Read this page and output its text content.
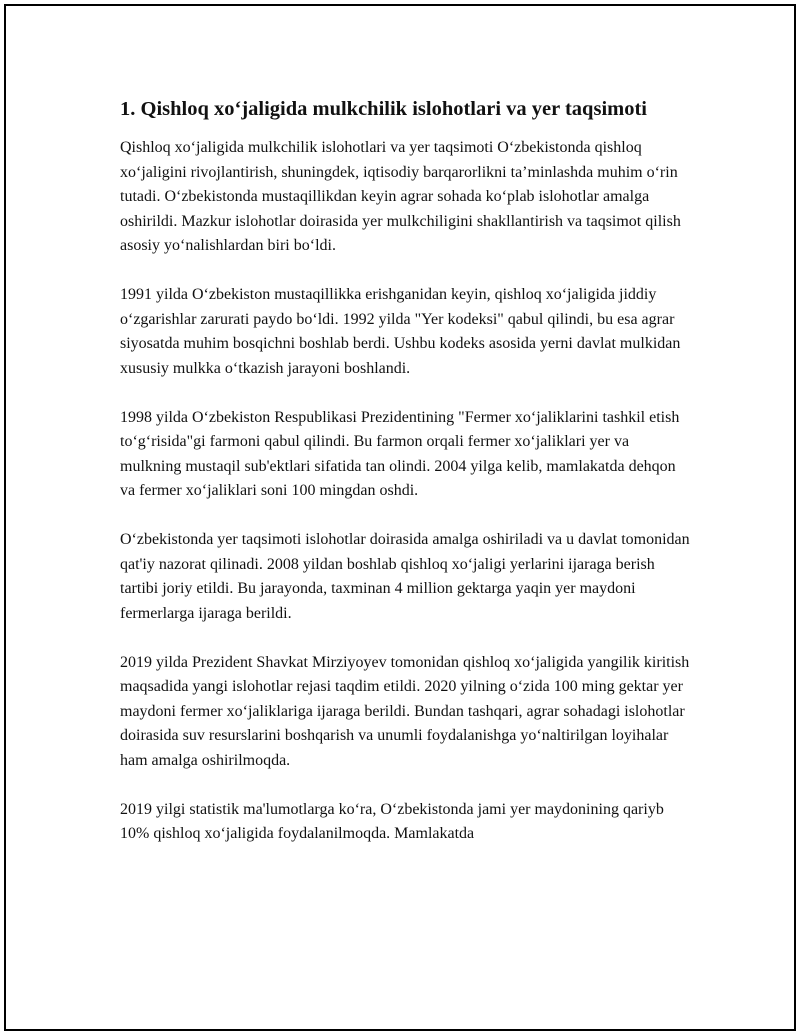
1. Qishloq xo‘jaligida mulkchilik islohotlari va yer taqsimoti

Qishloq xo‘jaligida mulkchilik islohotlari va yer taqsimoti O‘zbekistonda qishloq xo‘jaligini rivojlantirish, shuningdek, iqtisodiy barqarorlikni ta’minlashda muhim o‘rin tutadi. O‘zbekistonda mustaqillikdan keyin agrar sohada ko‘plab islohotlar amalga oshirildi. Mazkur islohotlar doirasida yer mulkchiligini shakllantirish va taqsimot qilish asosiy yo‘nalishlardan biri bo‘ldi.

1991 yilda O‘zbekiston mustaqillikka erishganidan keyin, qishloq xo‘jaligida jiddiy o‘zgarishlar zarurati paydo bo‘ldi. 1992 yilda "Yer kodeksi" qabul qilindi, bu esa agrar siyosatda muhim bosqichni boshlab berdi. Ushbu kodeks asosida yerni davlat mulkidan xususiy mulkka o‘tkazish jarayoni boshlandi.

1998 yilda O‘zbekiston Respublikasi Prezidentining "Fermer xo‘jaliklarini tashkil etish to‘g‘risida"gi farmoni qabul qilindi. Bu farmon orqali fermer xo‘jaliklari yer va mulkning mustaqil sub'ektlari sifatida tan olindi. 2004 yilga kelib, mamlakatda dehqon va fermer xo‘jaliklari soni 100 mingdan oshdi.

O‘zbekistonda yer taqsimoti islohotlar doirasida amalga oshiriladi va u davlat tomonidan qat'iy nazorat qilinadi. 2008 yildan boshlab qishloq xo‘jaligi yerlarini ijaraga berish tartibi joriy etildi. Bu jarayonda, taxminan 4 million gektarga yaqin yer maydoni fermerlarga ijaraga berildi.

2019 yilda Prezident Shavkat Mirziyoyev tomonidan qishloq xo‘jaligida yangilik kiritish maqsadida yangi islohotlar rejasi taqdim etildi. 2020 yilning o‘zida 100 ming gektar yer maydoni fermer xo‘jaliklariga ijaraga berildi. Bundan tashqari, agrar sohadagi islohotlar doirasida suv resurslarini boshqarish va unumli foydalanishga yo‘naltirilgan loyihalar ham amalga oshirilmoqda.

2019 yilgi statistik ma'lumotlarga ko‘ra, O‘zbekistonda jami yer maydonining qariyb 10% qishloq xo‘jaligida foydalanilmoqda. Mamlakatda
